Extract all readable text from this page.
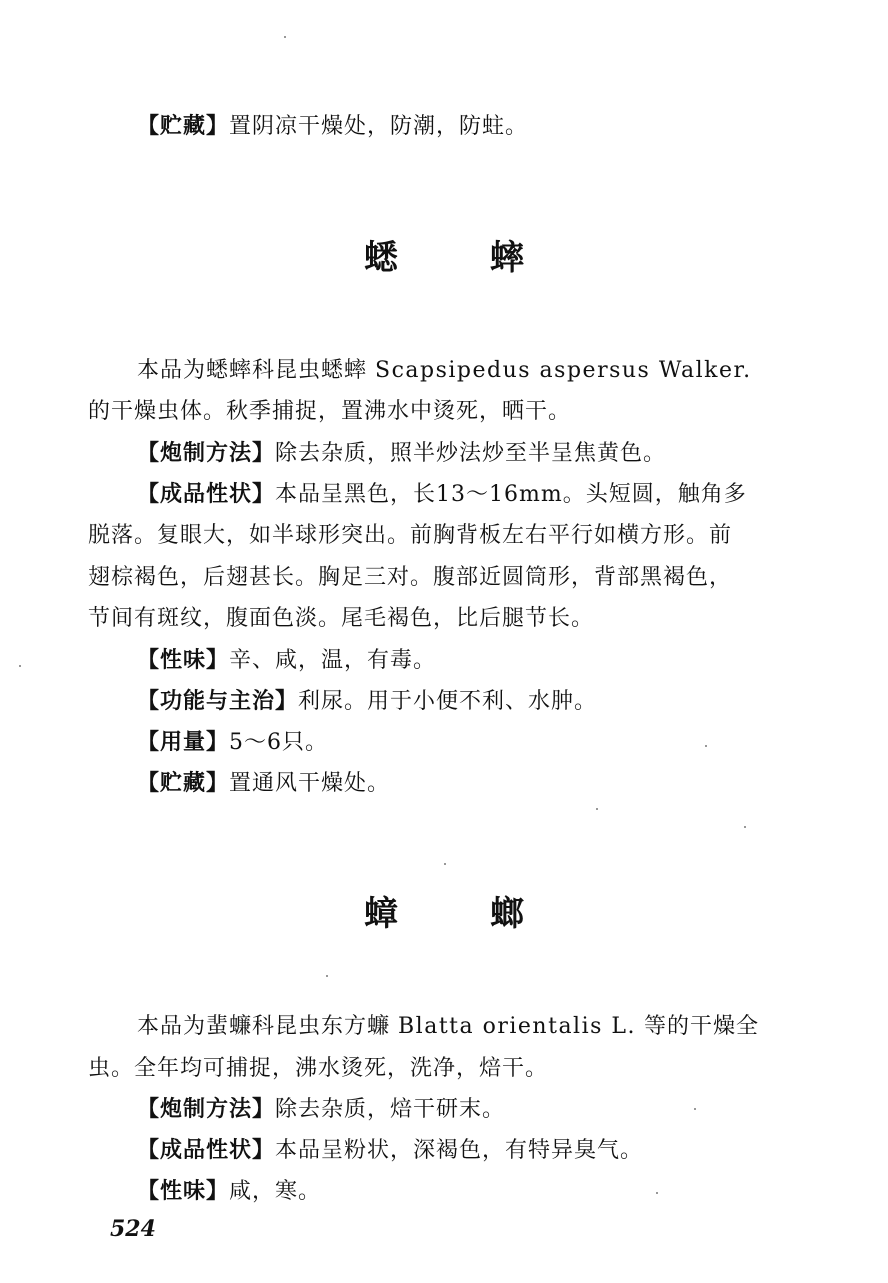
【贮藏】置阴凉干燥处，防潮，防蛀。
蟋	蟀
本品为蟋蟀科昆虫蟋蟀 Scapsipedus aspersus Walker.
的干燥虫体。秋季捕捉，置沸水中烫死，晒干。
【炮制方法】除去杂质，照半炒法炒至半呈焦黄色。
【成品性状】本品呈黑色，长13～16mm。头短圆，触角多
脱落。复眼大，如半球形突出。前胸背板左右平行如横方形。前
翅棕褐色，后翅甚长。胸足三对。腹部近圆筒形，背部黑褐色，
节间有斑纹，腹面色淡。尾毛褐色，比后腿节长。
【性味】辛、咸，温，有毒。
【功能与主治】利尿。用于小便不利、水肿。
【用量】5～6只。
【贮藏】置通风干燥处。
蟑	螂
本品为蜚蠊科昆虫东方蠊 Blatta orientalis L. 等的干燥全
虫。全年均可捕捉，沸水烫死，洗净，焙干。
【炮制方法】除去杂质，焙干研末。
【成品性状】本品呈粉状，深褐色，有特异臭气。
【性味】咸，寒。
524
